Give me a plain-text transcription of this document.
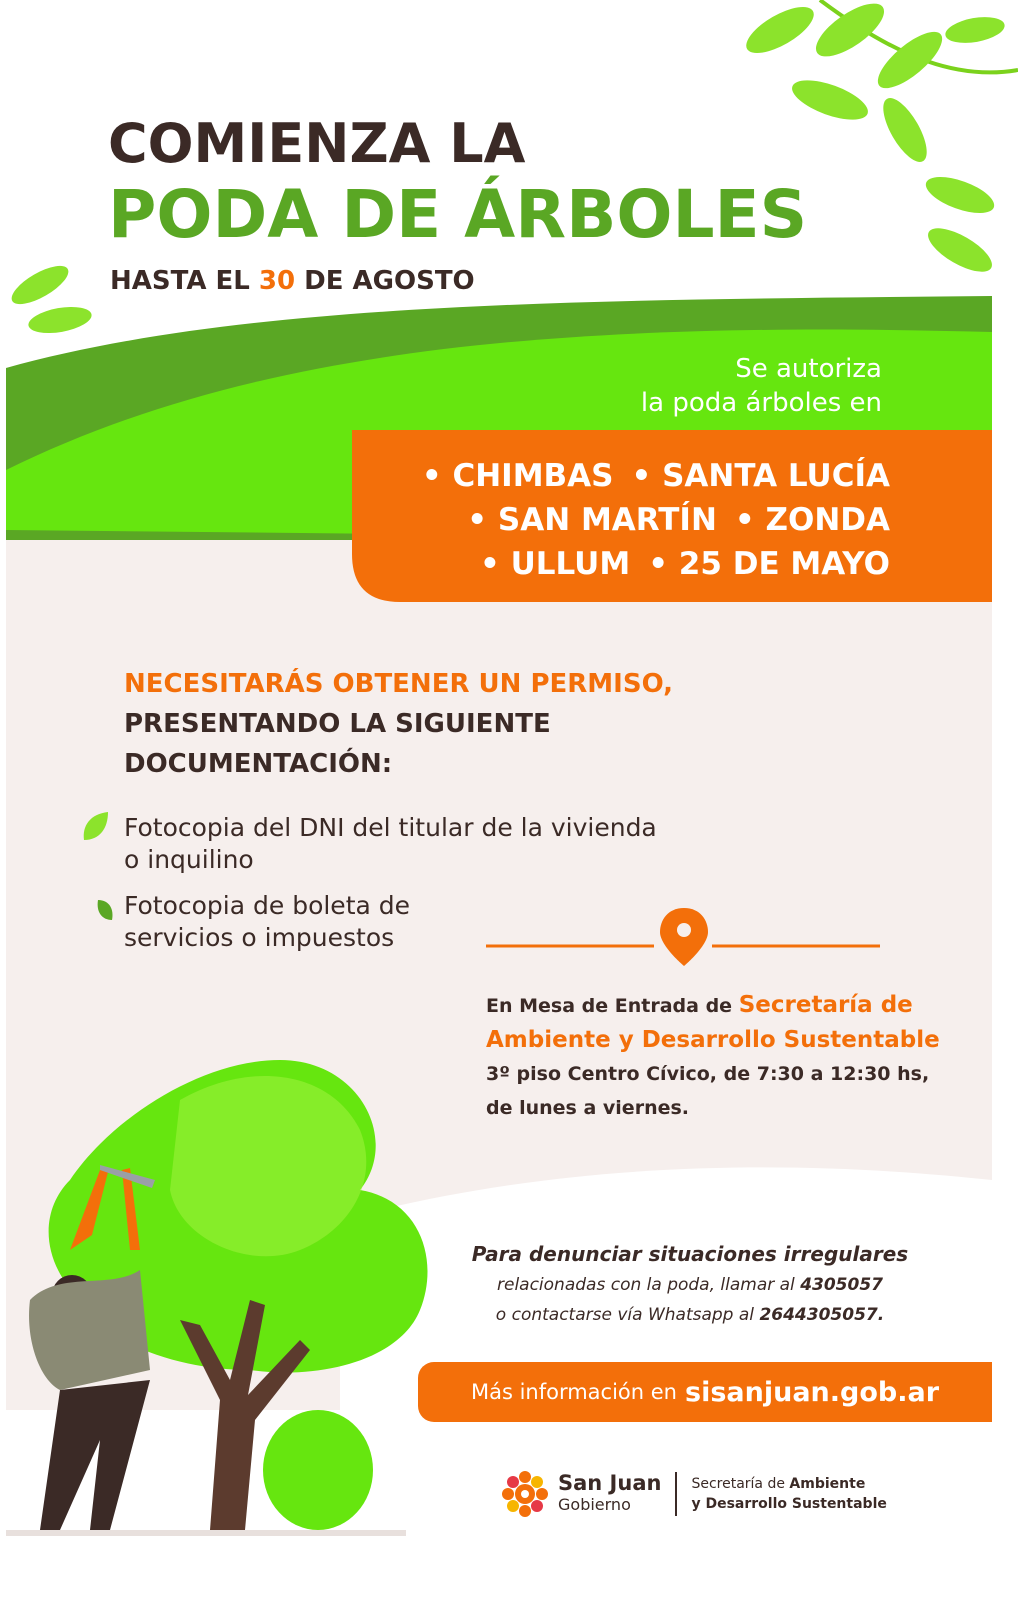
COMIENZA LA
PODA DE ÁRBOLES
HASTA EL 30 DE AGOSTO
Se autoriza
la poda árboles en
• CHIMBAS • SANTA LUCÍA
• SAN MARTÍN • ZONDA
• ULLUM • 25 DE MAYO
NECESITARÁS OBTENER UN PERMISO,
PRESENTANDO LA SIGUIENTE
DOCUMENTACIÓN:
Fotocopia del DNI del titular de la vivienda
o inquilino
Fotocopia de boleta de
servicios o impuestos
En Mesa de Entrada de Secretaría de
Ambiente y Desarrollo Sustentable
3º piso Centro Cívico, de 7:30 a 12:30 hs,
de lunes a viernes.
Para denunciar situaciones irregulares
relacionadas con la poda, llamar al 4305057
o contactarse vía Whatsapp al 2644305057.
Más información en sisanjuan.gob.ar
San Juan
Gobierno
Secretaría de Ambiente
y Desarrollo Sustentable
